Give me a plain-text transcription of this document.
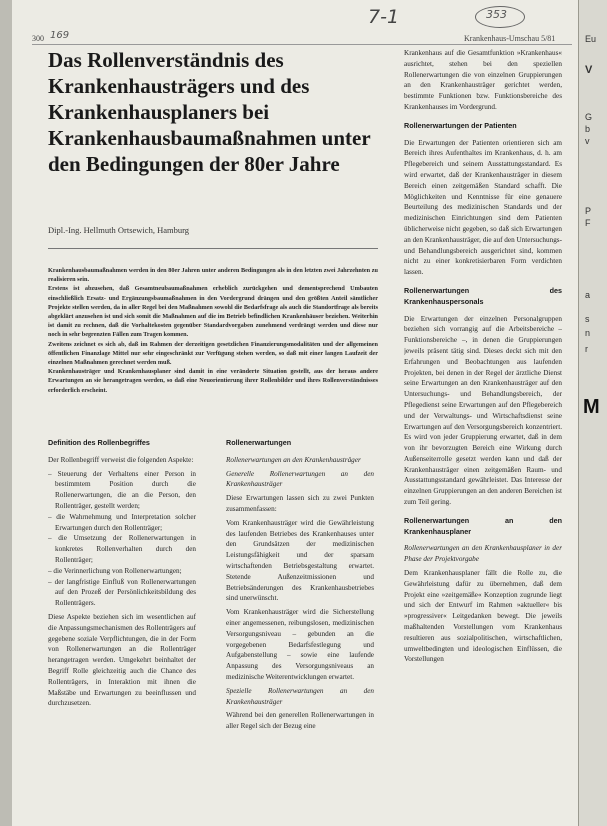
300 169
7-1	353
Krankenhaus-Umschau 5/81
Das Rollenverständnis des Krankenhausträgers und des Krankenhausplaners bei Krankenhausbaumaßnahmen unter den Bedingungen der 80er Jahre
Dipl.-Ing. Hellmuth Ortsewich, Hamburg
Krankenhausbaumaßnahmen werden in den 80er Jahren unter anderen Bedingungen als in den letzten zwei Jahrzehnten zu realisieren sein.
Erstens ist abzusehen, daß Gesamtneubaumaßnahmen erheblich zurückgehen und dementsprechend Umbauten einschließlich Ersatz- und Ergänzungsbaumaßnahmen in den Vordergrund drängen und den größten Anteil sämtlicher Projekte stellen werden, da in aller Regel bei den Maßnahmen sowohl die Bedarfsfrage als auch die Standortfrage als bereits abgeklärt anzusehen ist und sich somit die Maßnahmen auf die im Betrieb befindlichen Krankenhäuser beziehen. Weiterhin ist damit zu rechnen, daß die Vorhaltekosten gegenüber Standardvorgaben zunehmend verdrängt werden und diese nur noch in sehr begrenzten Fällen zum Tragen kommen.
Zweitens zeichnet es sich ab, daß im Rahmen der derzeitigen gesetzlichen Finanzierungsmodalitäten und der allgemeinen öffentlichen Finanzlage Mittel nur sehr eingeschränkt zur Verfügung stehen werden, so daß mit einer langen Laufzeit der einzelnen Maßnahmen gerechnet werden muß.
Krankenhausträger und Krankenhausplaner sind damit in eine veränderte Situation gestellt, aus der heraus andere Erwartungen an sie herangetragen werden, so daß eine Neuorientierung ihrer Rollenbilder und ihres Rollenverständnisses erforderlich erscheint.
Definition des Rollenbegriffes

Der Rollenbegriff verweist die folgenden Aspekte:

– Steuerung der Verhaltens einer Person in bestimmtem Position durch die Rollenerwartungen, die an die Person, den Rollenträger, gestellt werden;
– die Wahrnehmung und Interpretation solcher Erwartungen durch den Rollenträger;
– die Umsetzung der Rollenerwartungen in konkretes Rollenverhalten durch den Rollenträger;
– die Verinnerlichung von Rollenerwartungen;
– der langfristige Einfluß von Rollenerwartungen auf den Prozeß der Persönlichkeitsbildung des Rollenträgers.

Diese Aspekte beziehen sich im wesentlichen auf die Anpassungsmechanismen des Rollenträgers auf gegebene soziale Verpflichtungen, die in der Form von Rollenerwartungen an die Rollenträger herangetragen werden. Umgekehrt beinhaltet der Begriff Rolle gleichzeitig auch die Chance des Rollenträgers, in Interaktion mit ihnen die Maßstäbe und Erwartungen zu beeinflussen und durchzusetzen.

Rollenerwartungen

Rollenerwartungen an den Krankenhausträger

Generelle Rollenerwartungen an den Krankenhausträger

Diese Erwartungen lassen sich zu zwei Punkten zusammenfassen:

Vom Krankenhausträger wird die Gewährleistung des laufenden Betriebes des Krankenhauses unter den Grundsätzen der medizinischen Leistungsfähigkeit und der sparsam wirtschaftenden Betriebsgestaltung erwartet. Stetende Außenzeitmissionen und Betriebsänderungen des Krankenhausbetriebes sind unerwünscht.

Vom Krankenhausträger wird die Sicherstellung einer angemessenen, reibungslosen, medizinischen Versorgungsniveau – gebunden an die vorgegebenen Bedarfsfestlegung und Aufgabenstellung – sowie eine laufende Anpassung des Versorgungsniveaus an medizinische Weiterentwicklungen erwartet.

Spezielle Rollenerwartungen an den Krankenhausträger

Während bei den generellen Rollenerwartungen in aller Regel sich der Bezug eine

Krankenhaus auf die Gesamtfunktion »Krankenhaus« ausrichtet, stehen bei den speziellen Rollenerwartungen die von einzelnen Gruppierungen an den Krankenhausträger gerichtet werden, bestimmte Funktionen bzw. Funktionsbereiche des Krankenhauses im Vordergrund.

Rollenerwartungen der Patienten

Die Erwartungen der Patienten orientieren sich am Bereich ihres Aufenthaltes im Krankenhaus, d. h. am Pflegebereich und seinem Ausstattungsstandard. Es wird erwartet, daß der Krankenhausträger in diesem Bereich einen zeitgemäßen Standard schafft. Die Möglichkeiten und Kenntnisse für eine genauere Beurteilung des medizinischen Standards und der medizinischen Einrichtungen sind dem Patienten üblicherweise nicht gegeben, so daß sich Erwartungen an den Krankenhausträger, die auf den Untersuchungs- und Behandlungsbereich ausgerichtet sind, kommen nicht zu einer konkretisierbaren Form verdichten lassen.

Rollenerwartungen des Krankenhauspersonals

Die Erwartungen der einzelnen Personalgruppen beziehen sich vorrangig auf die Arbeitsbereiche – Funktionsbereiche –, in denen die Gruppierungen jeweils präsent tätig sind. Dieses deckt sich mit den Erfahrungen und Beobachtungen aus laufenden Projekten, bei denen in der Regel der ärztliche Dienst seine Erwartungen an den Krankenhausträger auf den Untersuchungs- und Behandlungsbereich, der Pflegedienst seine Erwartungen auf den Pflegebereich und der Verwaltungs- und Wirtschaftsdienst seine Erwartungen auf den Versorgungsbereich konzentriert. Es wird von jeder Gruppierung erwartet, daß in dem von ihr bevorzugten Bereich eine Wirkung durch Außenseiterrolle gesetzt werden kann und daß der Krankenhausträger einen zeitgemäßen Raum- und Ausstattungsstandard gewährleistet. Das Interesse der einzelnen Gruppierungen an den anderen Bereichen ist zum Teil gering.

Rollenerwartungen an den Krankenhausplaner

Rollenerwartungen an den Krankenhausplaner in der Phase der Projektvorgabe

Dem Krankenhausplaner fällt die Rolle zu, die Gewährleistung dafür zu übernehmen, daß dem Projekt eine »zeitgemäße« Konzeption zugrunde liegt und sich der Entwurf im Rahmen »aktueller« bis »progressiver« Leitgedanken bewegt. Die jeweils maßhaltenden Vorstellungen vom Krankenhaus resultieren aus sozialpolitischen, wirtschaftlichen, umweltbedingten und ideologischen Einflüssen, die Vorstellungen

Eu
V
G
b
v
P
F
a
s
n
r
M
